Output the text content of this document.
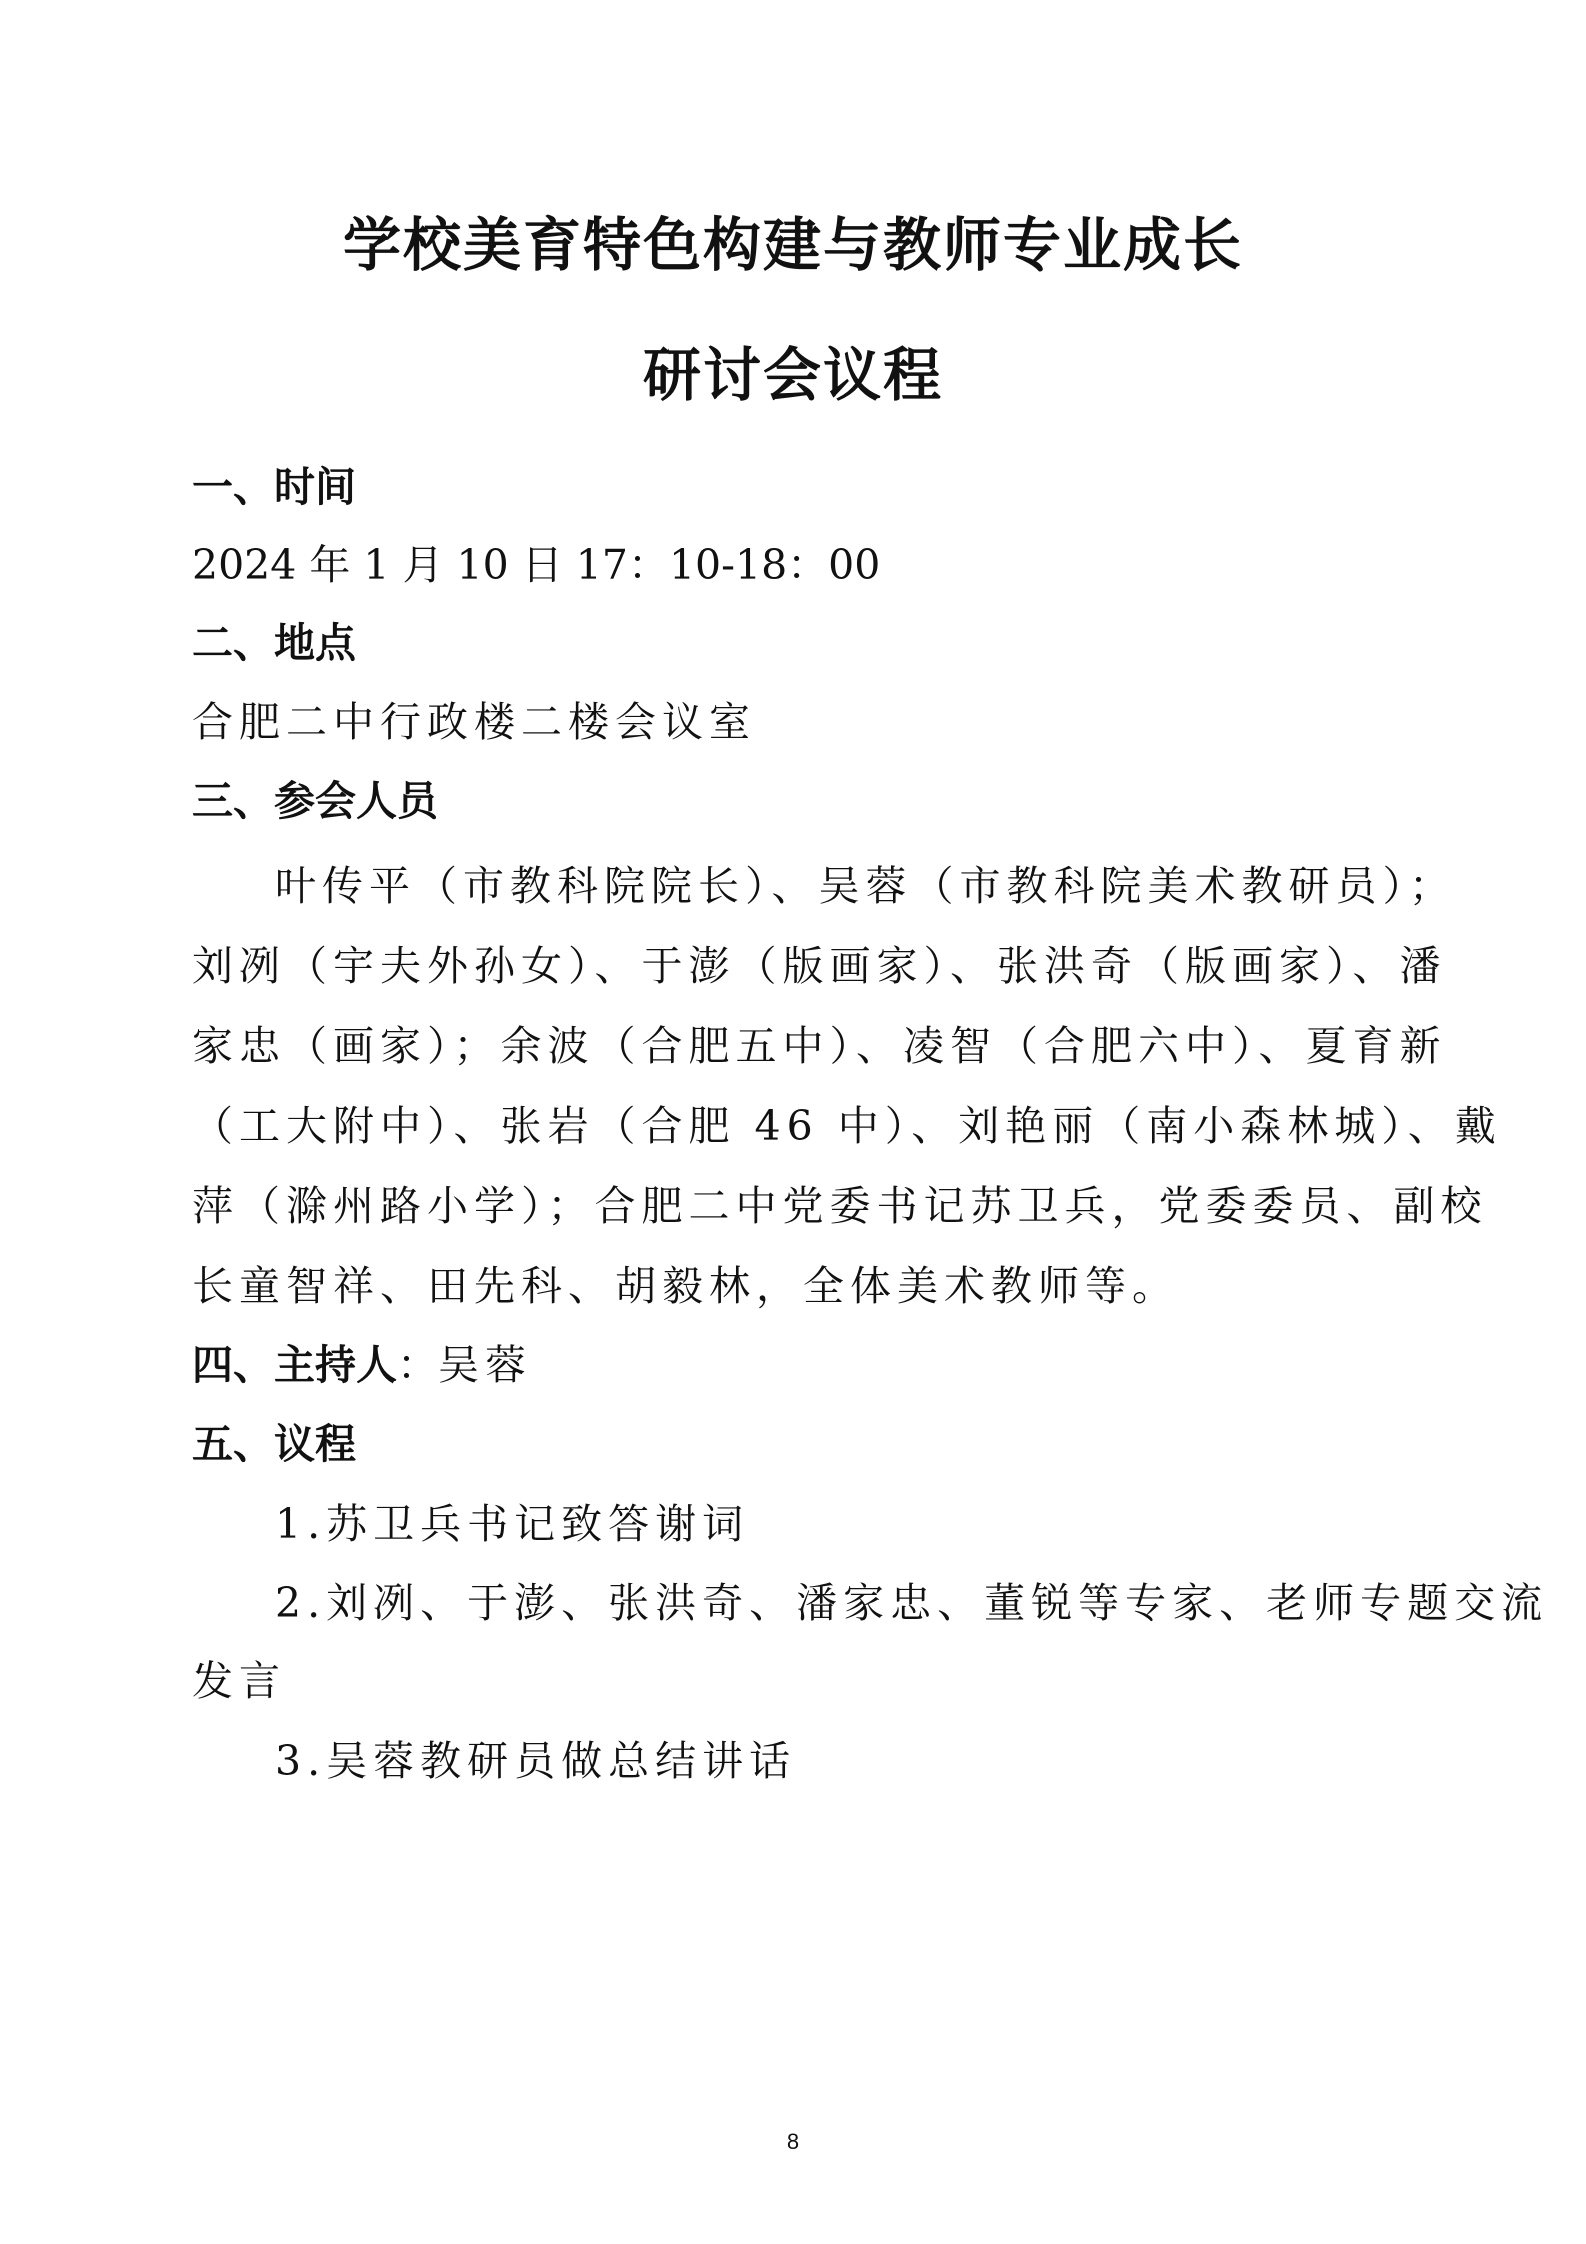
学校美育特色构建与教师专业成长
研讨会议程

一、时间

2024 年 1 月 10 日 17：10-18：00

二、地点

合肥二中行政楼二楼会议室

三、参会人员

叶传平（市教科院院长）、吴蓉（市教科院美术教研员）；

刘冽（宇夫外孙女）、于澎（版画家）、张洪奇（版画家）、潘

家忠（画家）；余波（合肥五中）、凌智（合肥六中）、夏育新

（工大附中）、张岩（合肥 46 中）、刘艳丽（南小森林城）、戴

萍（滁州路小学）；合肥二中党委书记苏卫兵，党委委员、副校

长童智祥、田先科、胡毅林，全体美术教师等。

四、主持人：吴蓉

五、议程

1.苏卫兵书记致答谢词

2.刘冽、于澎、张洪奇、潘家忠、董锐等专家、老师专题交流

发言

3.吴蓉教研员做总结讲话

8
